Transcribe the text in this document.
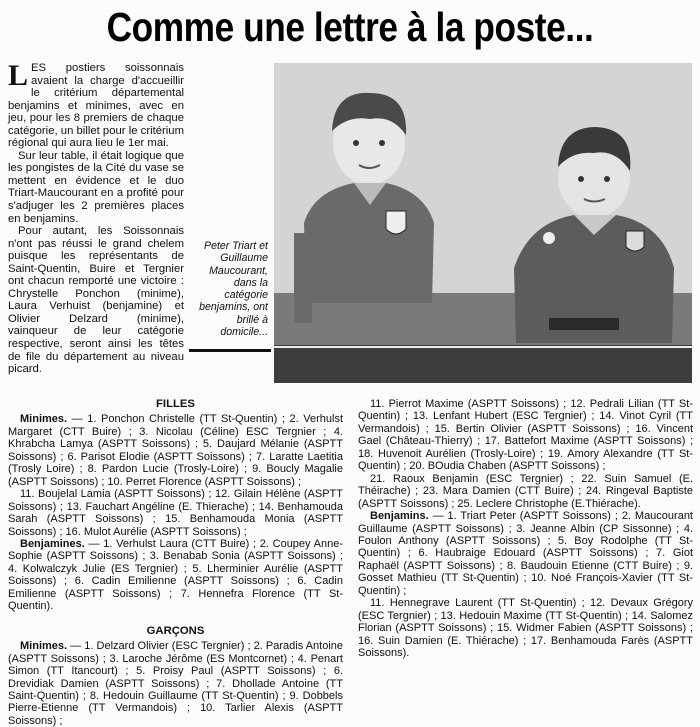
Comme une lettre à la poste...

LES postiers soissonnais avaient la charge d'accueillir le critérium départemental benjamins et minimes, avec en jeu, pour les 8 premiers de chaque catégorie, un billet pour le critérium régional qui aura lieu le 1er mai.

Sur leur table, il était logique que les pongistes de la Cité du vase se mettent en évidence et le duo Triart-Maucourant en a profité pour s'adjuger les 2 premières places en benjamins.

Pour autant, les Soissonnais n'ont pas réussi le grand chelem puisque les représentants de Saint-Quentin, Buire et Tergnier ont chacun remporté une victoire : Chrystelle Ponchon (minime), Laura Verhuist (benjamine) et Olivier Delzard (minime), vainqueur de leur catégorie respective, seront ainsi les têtes de file du département au niveau picard.

Peter Triart et Guillaume Maucourant, dans la catégorie benjamins, ont brillé à domicile...
FILLES

Minimes. — 1. Ponchon Christelle (TT St-Quentin) ; 2. Verhulst Margaret (CTT Buire) ; 3. Nicolau (Céline) ESC Tergnier ; 4. Khrabcha Lamya (ASPTT Soissons) ; 5. Daujard Mélanie (ASPTT Soissons) ; 6. Parisot Elodie (ASPTT Soissons) ; 7. Laratte Laetitia (Trosly Loire) ; 8. Pardon Lucie (Trosly-Loire) ; 9. Boucly Magalie (ASPTT Soissons) ; 10. Perret Florence (ASPTT Soissons) ;

11. Boujelal Lamia (ASPTT Soissons) ; 12. Gilain Hélène (ASPTT Soissons) ; 13. Fauchart Angéline (E. Thierache) ; 14. Benhamouda Sarah (ASPTT Soissons) ; 15. Benhamouda Monia (ASPTT Soissons) ; 16. Mulot Aurélie (ASPTT Soissons) ;

Benjamines. — 1. Verhulst Laura (CTT Buire) ; 2. Coupey Anne-Sophie (ASPTT Soissons) ; 3. Benabab Sonia (ASPTT Soissons) ; 4. Kolwalczyk Julie (ES Tergnier) ; 5. Lherminier Aurélie (ASPTT Soissons) ; 6. Cadin Emilienne (ASPTT Soissons) ; 6. Cadin Emilienne (ASPTT Soissons) ; 7. Hennefra Florence (TT St-Quentin).

GARÇONS

Minimes. — 1. Delzard Olivier (ESC Tergnier) ; 2. Paradis Antoine (ASPTT Soissons) ; 3. Laroche Jérôme (ES Montcornet) ; 4. Penart Simon (TT Itancourt) ; 5. Proisy Paul (ASPTT Soissons) ; 6. Drevidiak Damien (ASPTT Soissons) ; 7. Dhollade Antoine (TT Saint-Quentin) ; 8. Hedouin Guillaume (TT St-Quentin) ; 9. Dobbels Pierre-Etienne (TT Vermandois) ; 10. Tarlier Alexis (ASPTT Soissons) ;

11. Pierrot Maxime (ASPTT Soissons) ; 12. Pedrali Lilian (TT St-Quentin) ; 13. Lenfant Hubert (ESC Tergnier) ; 14. Vinot Cyril (TT Vermandois) ; 15. Bertin Olivier (ASPTT Soissons) ; 16. Vincent Gael (Château-Thierry) ; 17. Battefort Maxime (ASPTT Soissons) ; 18. Huvenoit Aurélien (Trosly-Loire) ; 19. Amory Alexandre (TT St-Quentin) ; 20. BOudia Chaben (ASPTT Soissons) ;

21. Raoux Benjamin (ESC Tergnier) ; 22. Suin Samuel (E. Théirache) ; 23. Mara Damien (CTT Buire) ; 24. Ringeval Baptiste (ASPTT Soissons) ; 25. Leclere Christophe (E.Thiérache).

Benjamins. — 1. Triart Peter (ASPTT Soissons) ; 2. Maucourant Guillaume (ASPTT Soissons) ; 3. Jeanne Albin (CP Sissonne) ; 4. Foulon Anthony (ASPTT Soissons) ; 5. Boy Rodolphe (TT St-Quentin) ; 6. Haubraige Edouard (ASPTT Soissons) ; 7. Giot Raphaël (ASPTT Soissons) ; 8. Baudouin Etienne (CTT Buire) ; 9. Gosset Mathieu (TT St-Quentin) ; 10. Noé François-Xavier (TT St-Quentin) ;

11. Hennegrave Laurent (TT St-Quentin) ; 12. Devaux Grégory (ESC Tergnier) ; 13. Hedouin Maxime (TT St-Quentin) ; 14. Salomez Florian (ASPTT Soissons) ; 15. Widmer Fabien (ASPTT Soissons) ; 16. Suin Damien (E. Thiérache) ; 17. Benhamouda Farès (ASPTT Soissons).
